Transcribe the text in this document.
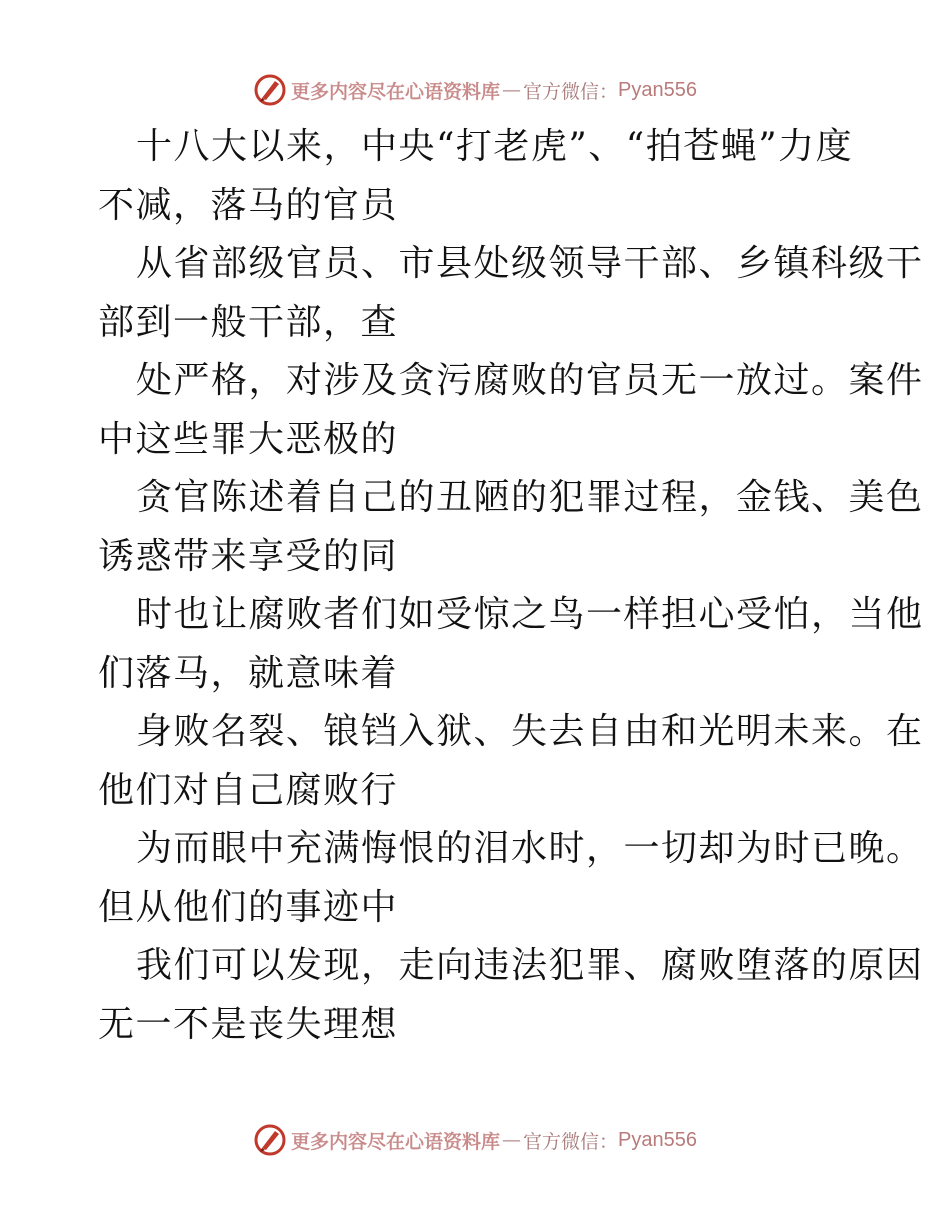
更多内容尽在心语资料库 — 官方微信： Pyan556
十八大以来，中央“打老虎”、“拍苍蝇”力度
不减，落马的官员
从省部级官员、市县处级领导干部、乡镇科级干
部到一般干部，查
处严格，对涉及贪污腐败的官员无一放过。案件
中这些罪大恶极的
贪官陈述着自己的丑陋的犯罪过程，金钱、美色
诱惑带来享受的同
时也让腐败者们如受惊之鸟一样担心受怕，当他
们落马，就意味着
身败名裂、锒铛入狱、失去自由和光明未来。在
他们对自己腐败行
为而眼中充满悔恨的泪水时，一切却为时已晚。
但从他们的事迹中
我们可以发现，走向违法犯罪、腐败堕落的原因
无一不是丧失理想
更多内容尽在心语资料库 — 官方微信： Pyan556
